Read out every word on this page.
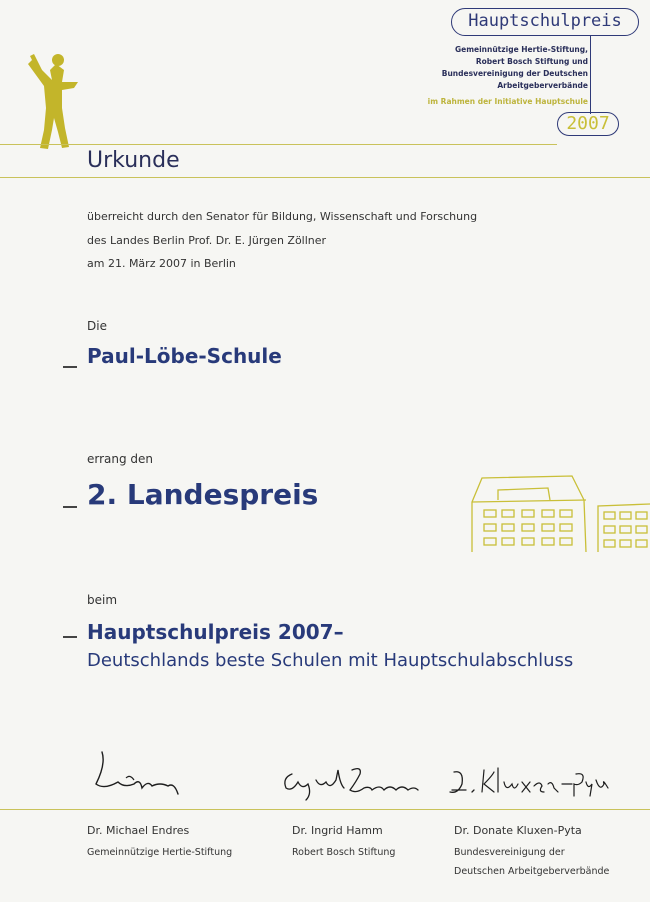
Hauptschulpreis
Gemeinnützige Hertie-Stiftung,
Robert Bosch Stiftung und
Bundesvereinigung der Deutschen
Arbeitgeberverbände
im Rahmen der Initiative Hauptschule
2007
Urkunde
überreicht durch den Senator für Bildung, Wissenschaft und Forschung
des Landes Berlin Prof. Dr. E. Jürgen Zöllner
am 21. März 2007 in Berlin
Die
Paul-Löbe-Schule
errang den
2. Landespreis
beim
Hauptschulpreis 2007–
Deutschlands beste Schulen mit Hauptschulabschluss
Dr. Michael Endres
Gemeinnützige Hertie-Stiftung
Dr. Ingrid Hamm
Robert Bosch Stiftung
Dr. Donate Kluxen-Pyta
Bundesvereinigung der
Deutschen Arbeitgeberverbände
